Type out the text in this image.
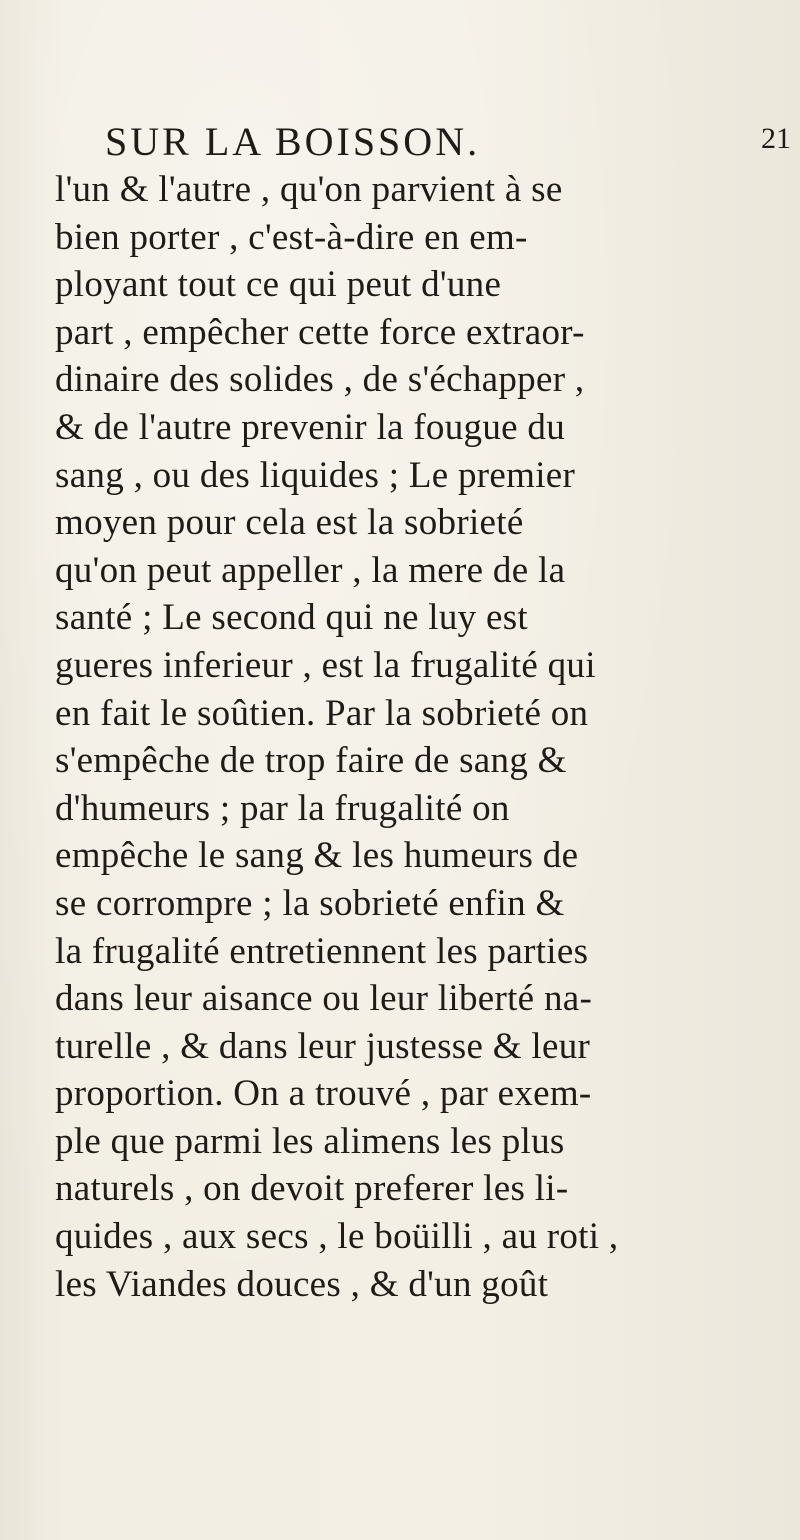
SUR LA BOISSON.	21
l'un & l'autre , qu'on parvient à se
bien porter , c'est-à-dire en em-
ployant tout ce qui peut d'une
part , empêcher cette force extraor-
dinaire des solides , de s'échapper ,
& de l'autre prevenir la fougue du
sang , ou des liquides ; Le premier
moyen pour cela est la sobrieté
qu'on peut appeller , la mere de la
santé ; Le second qui ne luy est
gueres inferieur , est la frugalité qui
en fait le soûtien. Par la sobrieté on
s'empêche de trop faire de sang &
d'humeurs ; par la frugalité on
empêche le sang & les humeurs de
se corrompre ; la sobrieté enfin &
la frugalité entretiennent les parties
dans leur aisance ou leur liberté na-
turelle , & dans leur justesse & leur
proportion. On a trouvé , par exem-
ple que parmi les alimens les plus
naturels , on devoit preferer les li-
quides , aux secs , le boüilli , au roti ,
les Viandes douces , & d'un goût
